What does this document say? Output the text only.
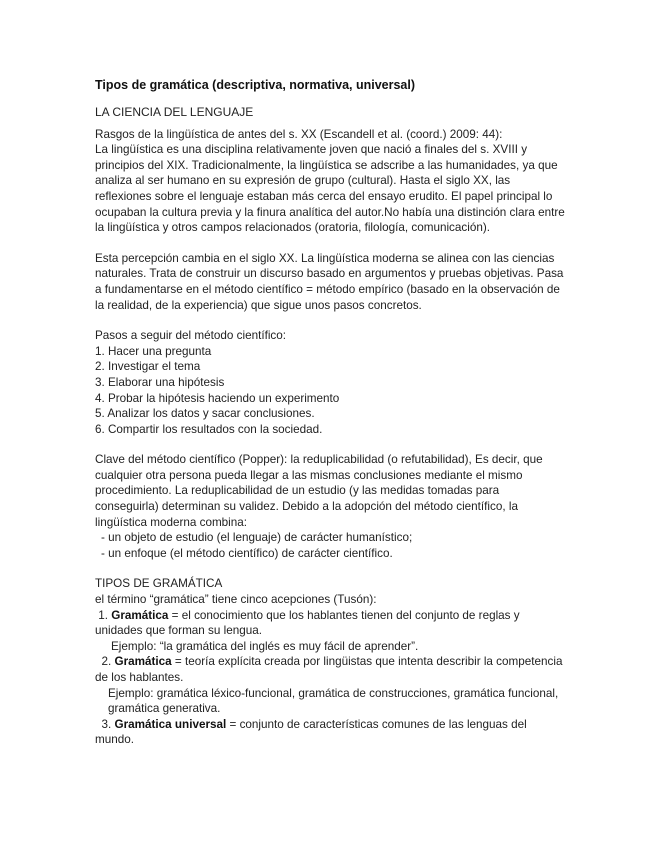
Tipos de gramática (descriptiva, normativa, universal)

LA CIENCIA DEL LENGUAJE

Rasgos de la lingüística de antes del s. XX (Escandell et al. (coord.) 2009: 44):

La lingüística es una disciplina relativamente joven que nació a finales del s. XVIII y principios del XIX. Tradicionalmente, la lingüística se adscribe a las humanidades, ya que analiza al ser humano en su expresión de grupo (cultural). Hasta el siglo XX, las reflexiones sobre el lenguaje estaban más cerca del ensayo erudito. El papel principal lo ocupaban la cultura previa y la finura analítica del autor.No había una distinción clara entre la lingüística y otros campos relacionados (oratoria, filología, comunicación).

Esta percepción cambia en el siglo XX. La lingüística moderna se alinea con las ciencias naturales. Trata de construir un discurso basado en argumentos y pruebas objetivas. Pasa a fundamentarse en el método científico = método empírico (basado en la observación de la realidad, de la experiencia) que sigue unos pasos concretos.

Pasos a seguir del método científico:

1. Hacer una pregunta
2. Investigar el tema
3. Elaborar una hipótesis
4. Probar la hipótesis haciendo un experimento
5. Analizar los datos y sacar conclusiones.
6. Compartir los resultados con la sociedad.

Clave del método científico (Popper): la reduplicabilidad (o refutabilidad), Es decir, que cualquier otra persona pueda llegar a las mismas conclusiones mediante el mismo procedimiento. La reduplicabilidad de un estudio (y las medidas tomadas para conseguirla) determinan su validez. Debido a la adopción del método científico, la lingüística moderna combina:

- un objeto de estudio (el lenguaje) de carácter humanístico;

- un enfoque (el método científico) de carácter científico.

TIPOS DE GRAMÁTICA

el término “gramática” tiene cinco acepciones (Tusón):

1. Gramática = el conocimiento que los hablantes tienen del conjunto de reglas y unidades que forman su lengua.

Ejemplo: “la gramática del inglés es muy fácil de aprender”.

2. Gramática = teoría explícita creada por lingüistas que intenta describir la competencia de los hablantes.

Ejemplo: gramática léxico-funcional, gramática de construcciones, gramática funcional, gramática generativa.

3. Gramática universal = conjunto de características comunes de las lenguas del mundo.
